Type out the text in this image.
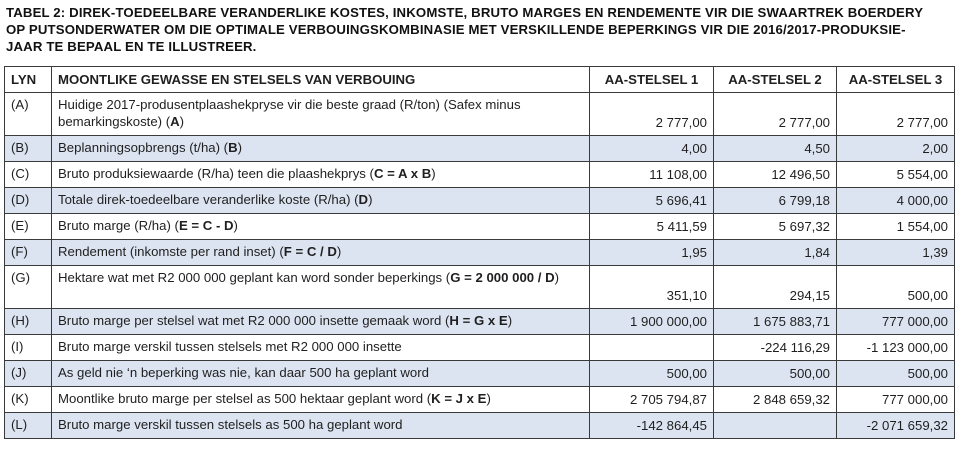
TABEL 2: DIREK-TOEDEELBARE VERANDERLIKE KOSTES, INKOMSTE, BRUTO MARGES EN RENDEMENTE VIR DIE SWAARTREK BOERDERY
OP PUTSONDERWATER OM DIE OPTIMALE VERBOUINGSKOMBINASIE MET VERSKILLENDE BEPERKINGS VIR DIE 2016/2017-PRODUKSIE-
JAAR TE BEPAAL EN TE ILLUSTREER.
LYN	MOONTLIKE GEWASSE EN STELSELS VAN VERBOUING	AA-STELSEL 1	AA-STELSEL 2	AA-STELSEL 3
(A)	Huidige 2017-produsentplaashekpryse vir die beste graad (R/ton) (Safex minus bemarkingskoste) (A)	2 777,00	2 777,00	2 777,00
(B)	Beplanningsopbrengs (t/ha) (B)	4,00	4,50	2,00
(C)	Bruto produksiewaarde (R/ha) teen die plaashekprys (C = A x B)	11 108,00	12 496,50	5 554,00
(D)	Totale direk-toedeelbare veranderlike koste (R/ha) (D)	5 696,41	6 799,18	4 000,00
(E)	Bruto marge (R/ha) (E = C - D)	5 411,59	5 697,32	1 554,00
(F)	Rendement (inkomste per rand inset) (F = C / D)	1,95	1,84	1,39
(G)	Hektare wat met R2 000 000 geplant kan word sonder beperkings (G = 2 000 000 / D)	351,10	294,15	500,00
(H)	Bruto marge per stelsel wat met R2 000 000 insette gemaak word (H = G x E)	1 900 000,00	1 675 883,71	777 000,00
(I)	Bruto marge verskil tussen stelsels met R2 000 000 insette		-224 116,29	-1 123 000,00
(J)	As geld nie ‘n beperking was nie, kan daar 500 ha geplant word	500,00	500,00	500,00
(K)	Moontlike bruto marge per stelsel as 500 hektaar geplant word (K = J x E)	2 705 794,87	2 848 659,32	777 000,00
(L)	Bruto marge verskil tussen stelsels as 500 ha geplant word	-142 864,45		-2 071 659,32
